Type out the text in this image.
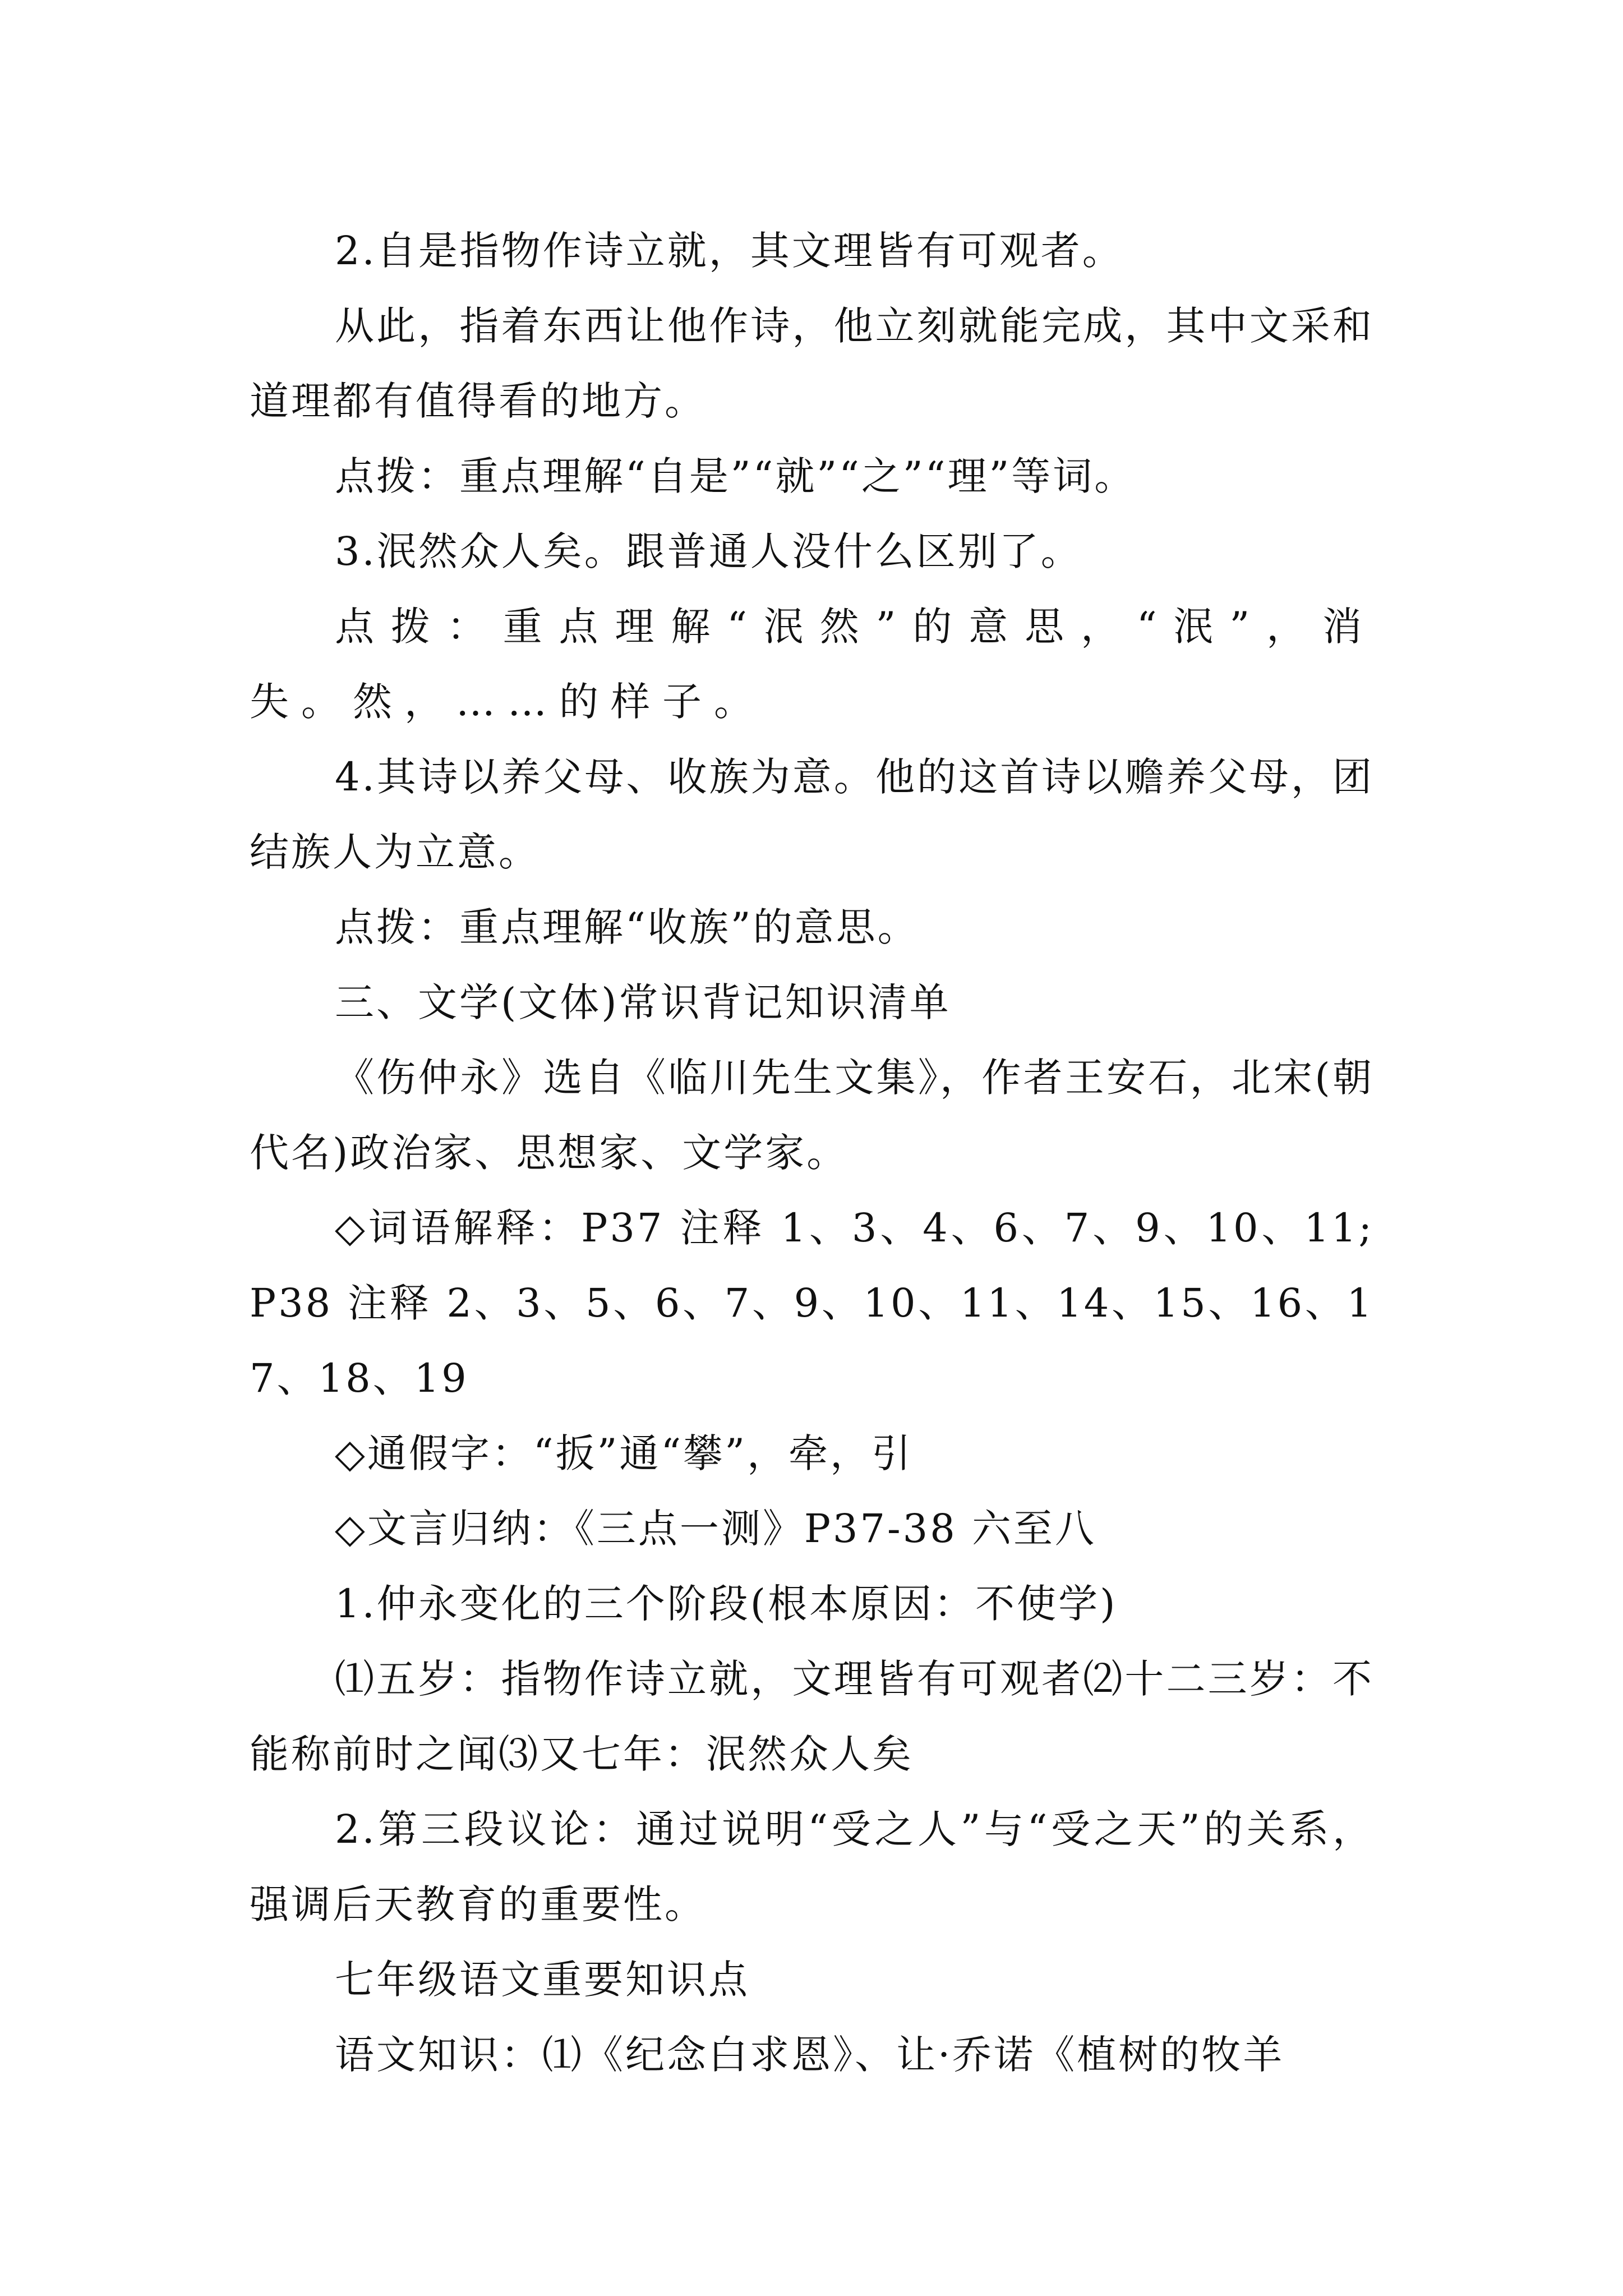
2.自是指物作诗立就，其文理皆有可观者。

从此，指着东西让他作诗，他立刻就能完成，其中文采和道理都有值得看的地方。

点拨：重点理解“自是”“就”“之”“理”等词。

3.泯然众人矣。跟普通人没什么区别了。

点拨：重点理解“泯然”的意思，“泯”，消失。然，……的样子。

4.其诗以养父母、收族为意。他的这首诗以赡养父母，团结族人为立意。

点拨：重点理解“收族”的意思。

三、文学(文体)常识背记知识清单

《伤仲永》选自《临川先生文集》，作者王安石，北宋(朝代名)政治家、思想家、文学家。

◇词语解释：P37 注释 1、3、4、6、7、9、10、11;P38 注释 2、3、5、6、7、9、10、11、14、15、16、17、18、19

◇通假字：“扳”通“攀”，牵，引

◇文言归纳：《三点一测》P37-38 六至八

1.仲永变化的三个阶段(根本原因：不使学)

⑴五岁：指物作诗立就，文理皆有可观者⑵十二三岁：不能称前时之闻⑶又七年：泯然众人矣

2.第三段议论：通过说明“受之人”与“受之天”的关系，强调后天教育的重要性。

七年级语文重要知识点

语文知识：⑴《纪念白求恩》、让·乔诺《植树的牧羊
